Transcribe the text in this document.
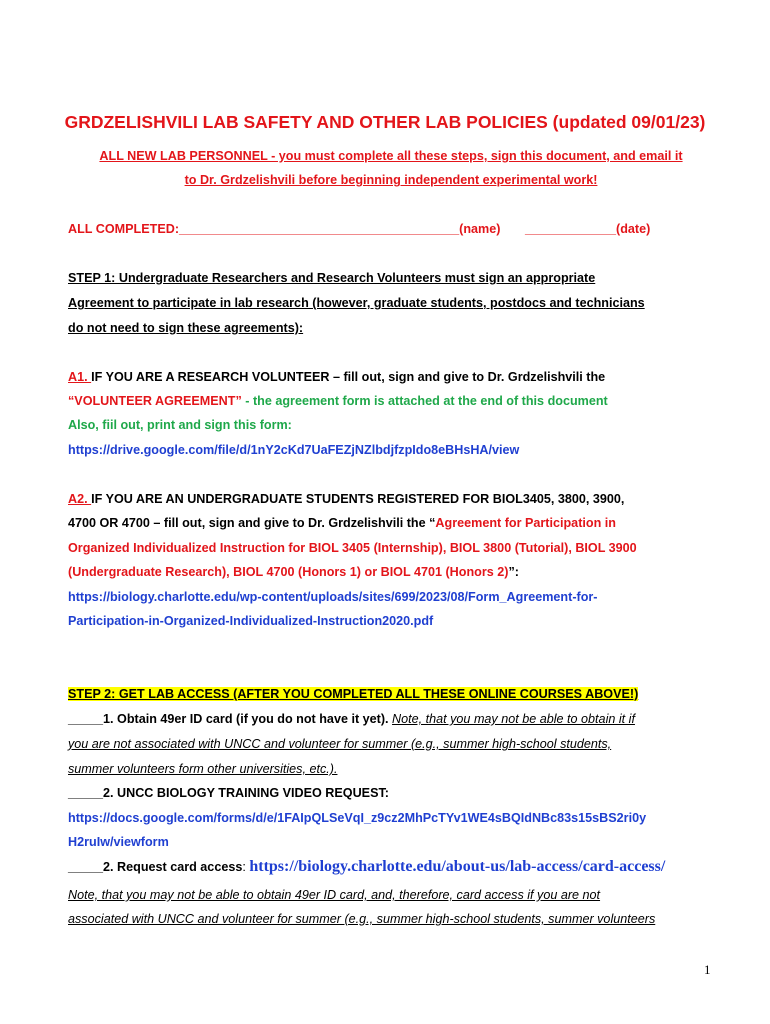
GRDZELISHVILI LAB SAFETY AND OTHER LAB POLICIES (updated 09/01/23)
ALL NEW LAB PERSONNEL - you must complete all these steps, sign this document, and email it
to Dr. Grdzelishvili before beginning independent experimental work!
ALL COMPLETED:________________________________________(name)       _____________(date)
STEP 1: Undergraduate Researchers and Research Volunteers must sign an appropriate
Agreement to participate in lab research (however, graduate students, postdocs and technicians
do not need to sign these agreements):
A1. IF YOU ARE A RESEARCH VOLUNTEER – fill out, sign and give to Dr. Grdzelishvili the
“VOLUNTEER AGREEMENT” - the agreement form is attached at the end of this document
Also, fiil out, print and sign this form:
https://drive.google.com/file/d/1nY2cKd7UaFEZjNZlbdjfzpIdo8eBHsHA/view
A2. IF YOU ARE AN UNDERGRADUATE STUDENTS REGISTERED FOR BIOL3405, 3800, 3900,
4700 OR 4700 – fill out, sign and give to Dr. Grdzelishvili the “Agreement for Participation in
Organized Individualized Instruction for BIOL 3405 (Internship), BIOL 3800 (Tutorial), BIOL 3900
(Undergraduate Research), BIOL 4700 (Honors 1) or BIOL 4701 (Honors 2)”:
https://biology.charlotte.edu/wp-content/uploads/sites/699/2023/08/Form_Agreement-for-
Participation-in-Organized-Individualized-Instruction2020.pdf
STEP 2: GET LAB ACCESS (AFTER YOU COMPLETED ALL THESE ONLINE COURSES ABOVE!)
_____1. Obtain 49er ID card (if you do not have it yet). Note, that you may not be able to obtain it if
you are not associated with UNCC and volunteer for summer (e.g., summer high-school students,
summer volunteers form other universities, etc.).
_____2. UNCC BIOLOGY TRAINING VIDEO REQUEST:
https://docs.google.com/forms/d/e/1FAIpQLSeVqI_z9cz2MhPcTYv1WE4sBQIdNBc83s15sBS2ri0y
H2ruIw/viewform
_____2. Request card access: https://biology.charlotte.edu/about-us/lab-access/card-access/
Note, that you may not be able to obtain 49er ID card, and, therefore, card access if you are not
associated with UNCC and volunteer for summer (e.g., summer high-school students, summer volunteers
1
